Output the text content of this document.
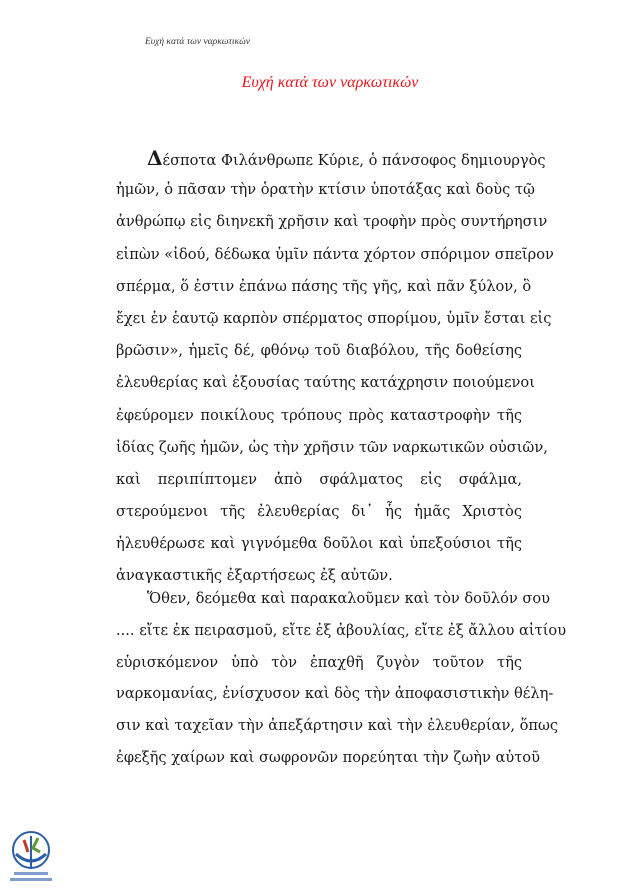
Ευχή κατά των ναρκωτικών
Ευχή κατά των ναρκωτικών
Δέσποτα Φιλάνθρωπε Κύριε, ὁ πάνσοφος δημιουργὸς
ἡμῶν, ὁ πᾶσαν τὴν ὁρατὴν κτίσιν ὑποτάξας καὶ δοὺς τῷ
ἀνθρώπῳ εἰς διηνεκῆ χρῆσιν καὶ τροφὴν πρὸς συντήρησιν
εἰπὼν «ἰδού, δέδωκα ὑμῖν πάντα χόρτον σπόριμον σπεῖρον
σπέρμα, ὅ ἐστιν ἐπάνω πάσης τῆς γῆς, καὶ πᾶν ξύλον, ὃ
ἔχει ἐν ἑαυτῷ καρπὸν σπέρματος σπορίμου, ὑμῖν ἔσται εἰς
βρῶσιν», ἡμεῖς δέ, φθόνῳ τοῦ διαβόλου, τῆς δοθείσης
ἐλευθερίας καὶ ἐξουσίας ταύτης κατάχρησιν ποιούμενοι
ἐφεύρομεν ποικίλους τρόπους πρὸς καταστροφὴν τῆς
ἰδίας ζωῆς ἡμῶν, ὡς τὴν χρῆσιν τῶν ναρκωτικῶν οὐσιῶν,
καὶ περιπίπτομεν ἀπὸ σφάλματος εἰς σφάλμα,
στερούμενοι τῆς ἐλευθερίας δι᾽ ἧς ἡμᾶς Χριστὸς
ἠλευθέρωσε καὶ γιγνόμεθα δοῦλοι καὶ ὑπεξούσιοι τῆς
ἀναγκαστικῆς ἐξαρτήσεως ἐξ αὐτῶν.
Ὅθεν, δεόμεθα καὶ παρακαλοῦμεν καὶ τὸν δοῦλόν σου
.... εἴτε ἐκ πειρασμοῦ, εἴτε ἐξ ἀβουλίας, εἴτε ἐξ ἄλλου αἰτίου
εὑρισκόμενον ὑπὸ τὸν ἐπαχθῆ ζυγὸν τοῦτον τῆς
ναρκομανίας, ἐνίσχυσον καὶ δὸς τὴν ἀποφασιστικὴν θέλη-
σιν καὶ ταχεῖαν τὴν ἀπεξάρτησιν καὶ τὴν ἐλευθερίαν, ὅπως
ἐφεξῆς χαίρων καὶ σωφρονῶν πορεύηται τὴν ζωὴν αὐτοῦ
